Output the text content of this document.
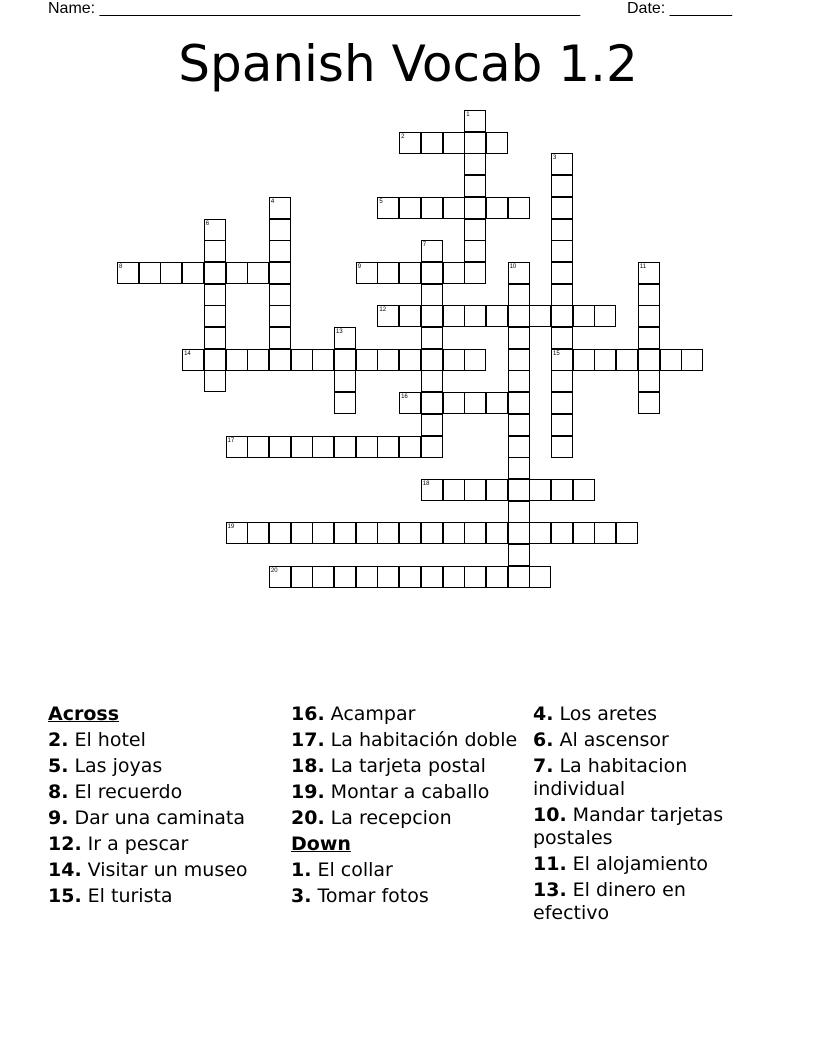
Name: ______________________________________________________	Date: _______
Spanish Vocab 1.2
1
2
3
4	5
6
7
8	9	10	11
12
13
14	15
16
17
18
19
20
Across
2. El hotel
5. Las joyas
8. El recuerdo
9. Dar una caminata
12. Ir a pescar
14. Visitar un museo
15. El turista
16. Acampar
17. La habitación doble
18. La tarjeta postal
19. Montar a caballo
20. La recepcion
Down
1. El collar
3. Tomar fotos
4. Los aretes
6. Al ascensor
7. La habitacion individual
10. Mandar tarjetas postales
11. El alojamiento
13. El dinero en efectivo
